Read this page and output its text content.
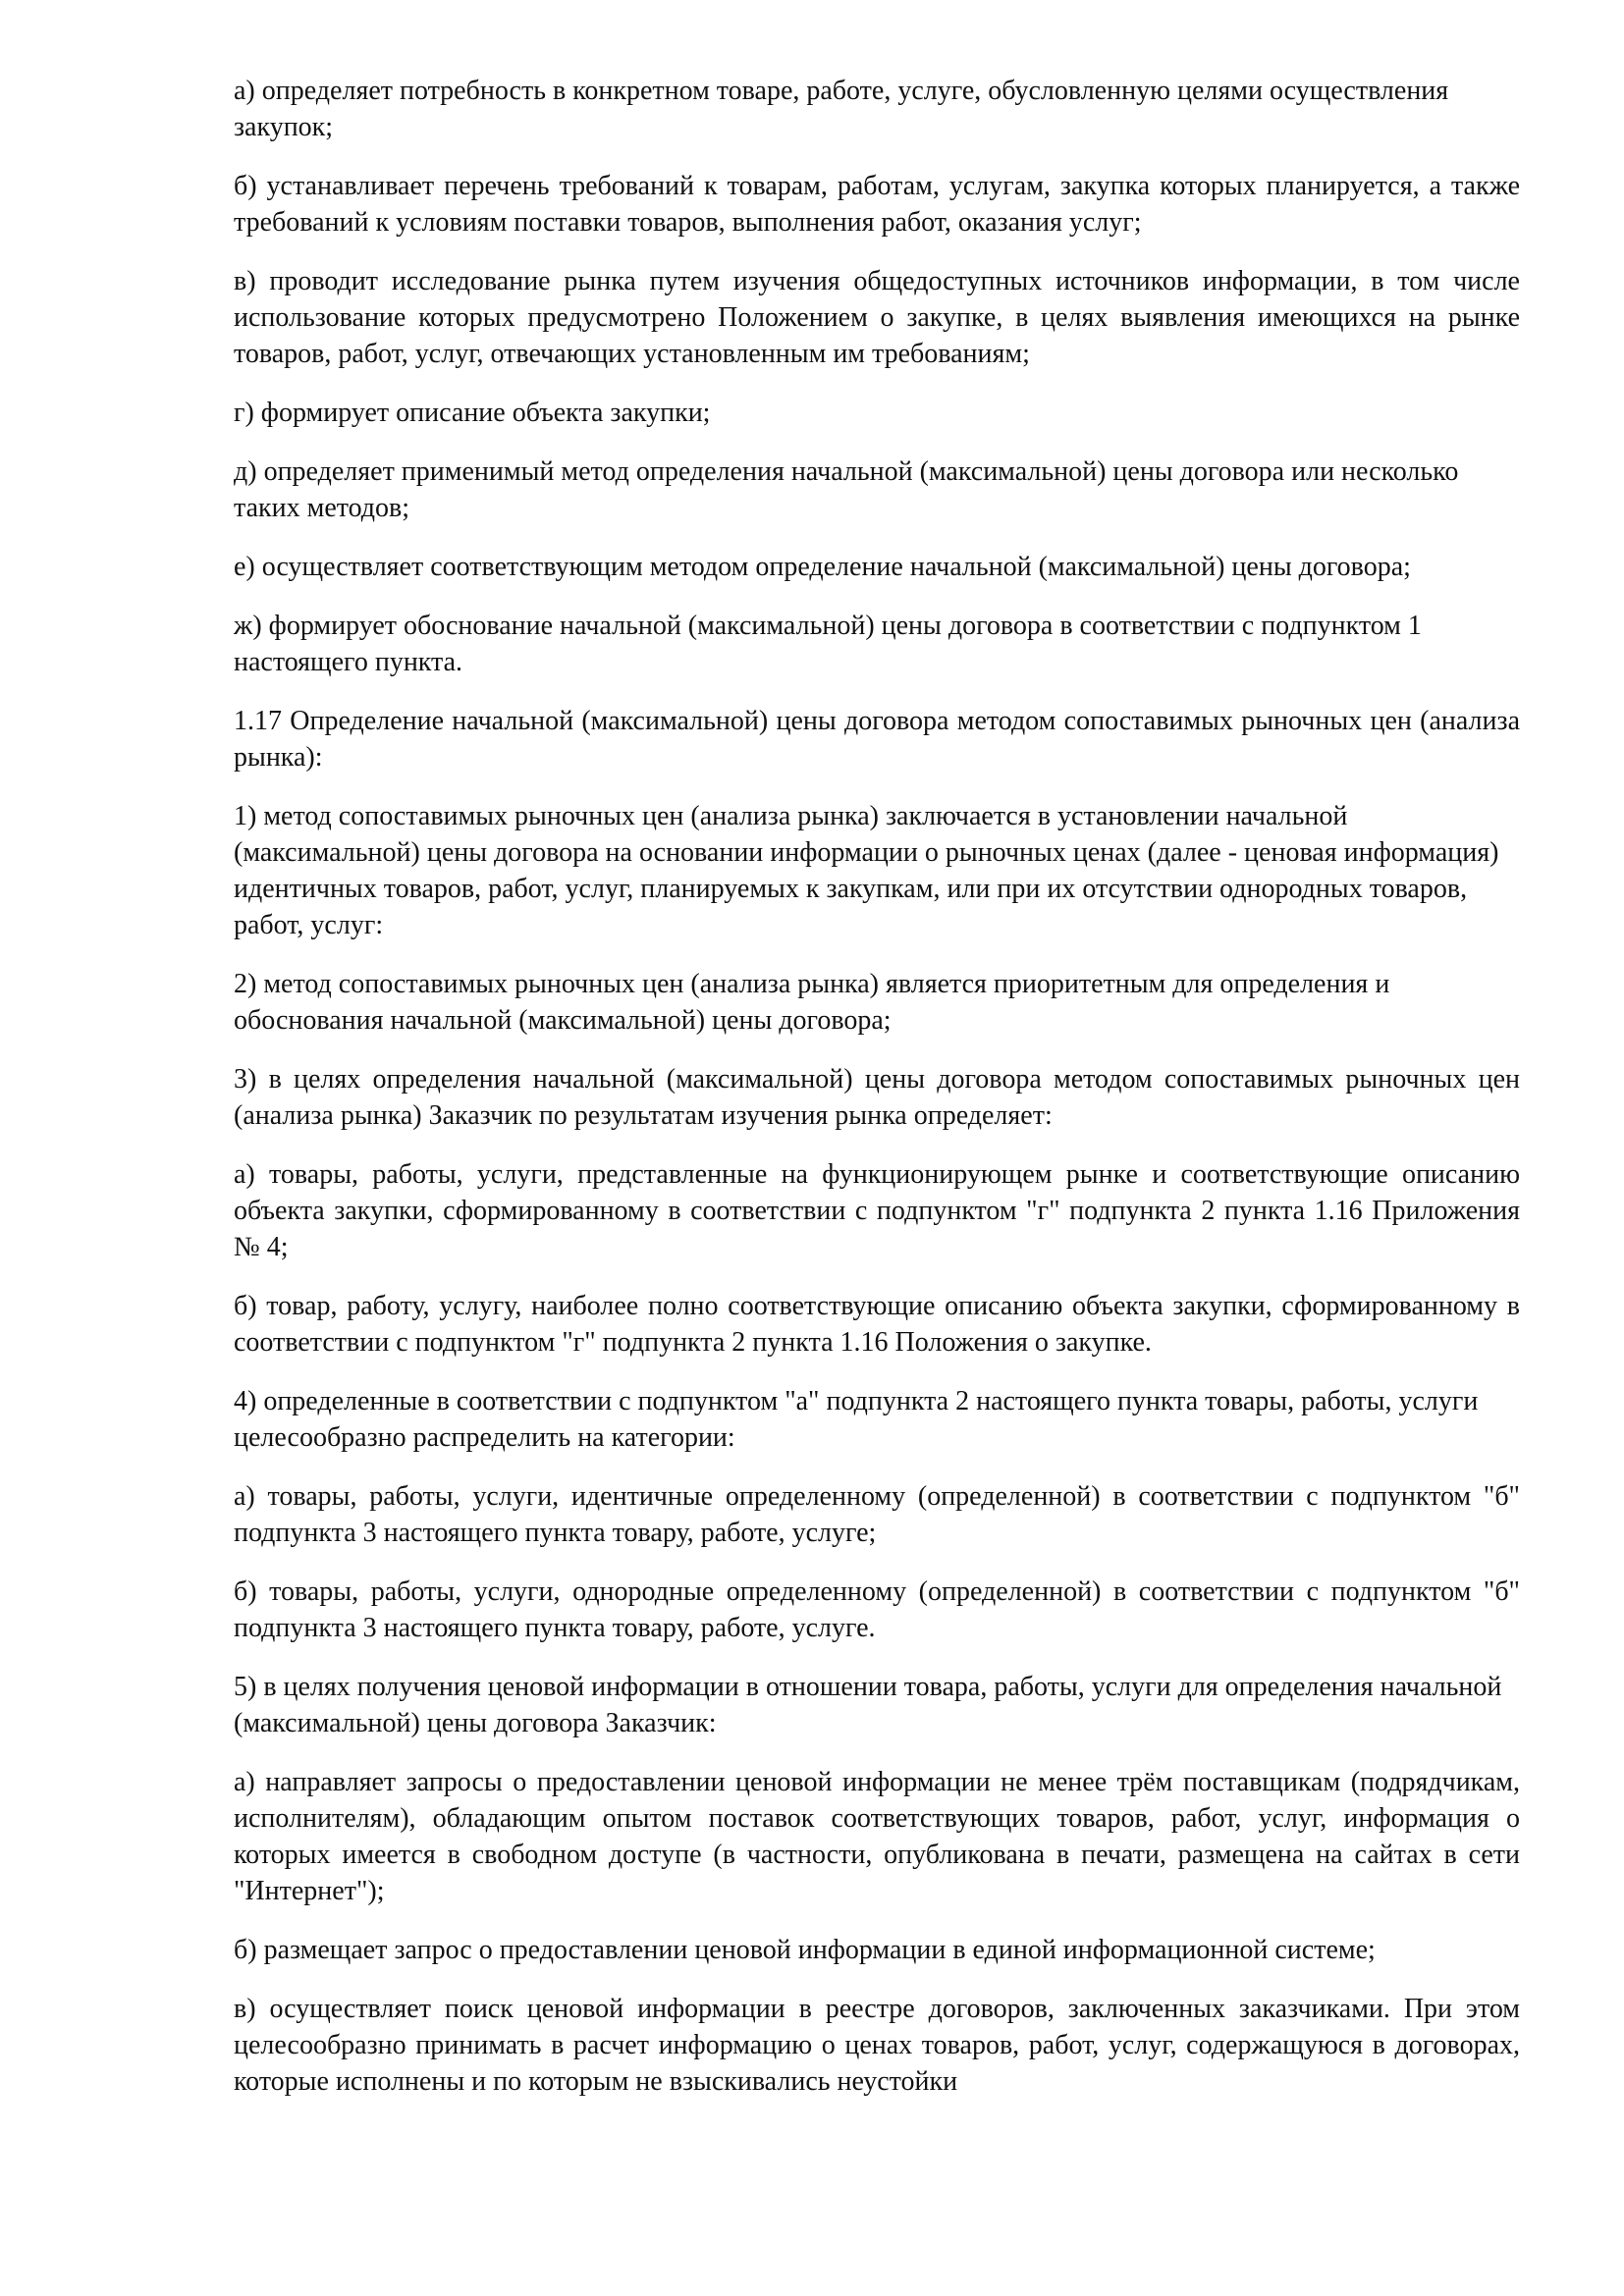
а) определяет потребность в конкретном товаре, работе, услуге, обусловленную целями осуществления закупок;

б) устанавливает перечень требований к товарам, работам, услугам, закупка которых планируется, а также требований к условиям поставки товаров, выполнения работ, оказания услуг;

в) проводит исследование рынка путем изучения общедоступных источников информации, в том числе использование которых предусмотрено Положением о закупке, в целях выявления имеющихся на рынке товаров, работ, услуг, отвечающих установленным им требованиям;

г) формирует описание объекта закупки;

д) определяет применимый метод определения начальной (максимальной) цены договора или несколько таких методов;

е) осуществляет соответствующим методом определение начальной (максимальной) цены договора;

ж) формирует обоснование начальной (максимальной) цены договора в соответствии с подпунктом 1 настоящего пункта.

1.17 Определение начальной (максимальной) цены договора методом сопоставимых рыночных цен (анализа рынка):

1) метод сопоставимых рыночных цен (анализа рынка) заключается в установлении начальной (максимальной) цены договора на основании информации о рыночных ценах (далее - ценовая информация) идентичных товаров, работ, услуг, планируемых к закупкам, или при их отсутствии однородных товаров, работ, услуг:

2) метод сопоставимых рыночных цен (анализа рынка) является приоритетным для определения и обоснования начальной (максимальной) цены договора;

3) в целях определения начальной (максимальной) цены договора методом сопоставимых рыночных цен (анализа рынка) Заказчик по результатам изучения рынка определяет:

а) товары, работы, услуги, представленные на функционирующем рынке и соответствующие описанию объекта закупки, сформированному в соответствии с подпунктом "г" подпункта 2 пункта 1.16 Приложения № 4;

б) товар, работу, услугу, наиболее полно соответствующие описанию объекта закупки, сформированному в соответствии с подпунктом "г" подпункта 2 пункта 1.16 Положения о закупке.

4) определенные в соответствии с подпунктом "а" подпункта 2 настоящего пункта товары, работы, услуги целесообразно распределить на категории:

а) товары, работы, услуги, идентичные определенному (определенной) в соответствии с подпунктом "б" подпункта 3 настоящего пункта товару, работе, услуге;

б) товары, работы, услуги, однородные определенному (определенной) в соответствии с подпунктом "б" подпункта 3 настоящего пункта товару, работе, услуге.

5) в целях получения ценовой информации в отношении товара, работы, услуги для определения начальной (максимальной) цены договора Заказчик:

а) направляет запросы о предоставлении ценовой информации не менее трём поставщикам (подрядчикам, исполнителям), обладающим опытом поставок соответствующих товаров, работ, услуг, информация о которых имеется в свободном доступе (в частности, опубликована в печати, размещена на сайтах в сети "Интернет");

б) размещает запрос о предоставлении ценовой информации в единой информационной системе;

в) осуществляет поиск ценовой информации в реестре договоров, заключенных заказчиками. При этом целесообразно принимать в расчет информацию о ценах товаров, работ, услуг, содержащуюся в договорах, которые исполнены и по которым не взыскивались неустойки
